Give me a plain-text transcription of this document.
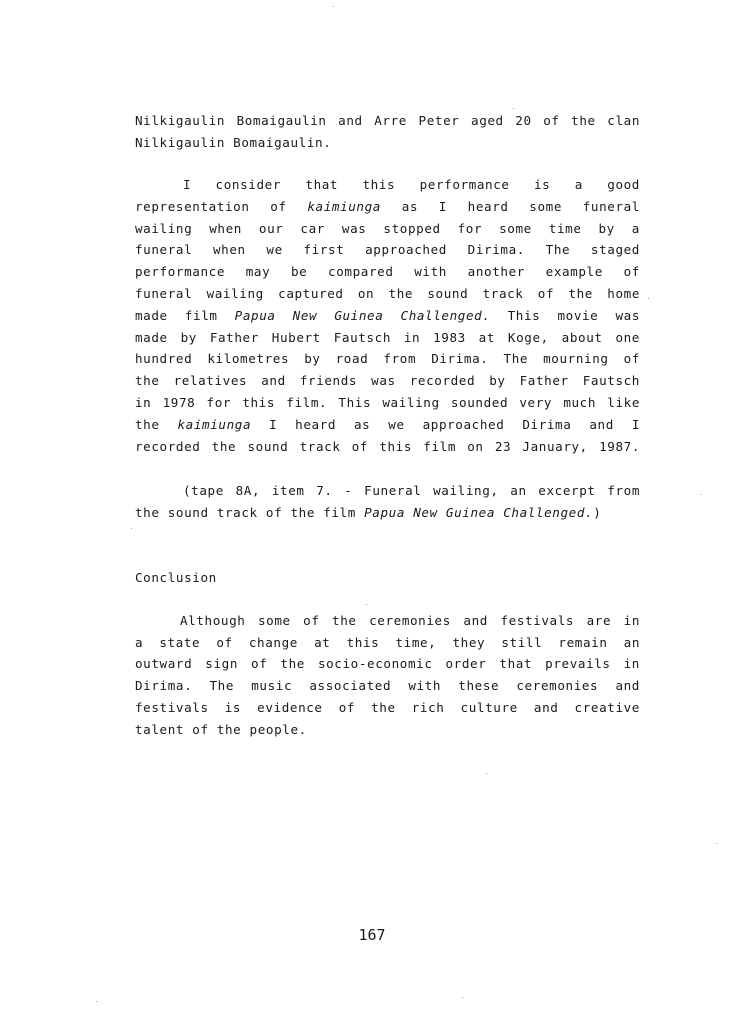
Nilkigaulin Bomaigaulin and Arre Peter aged 20 of the clan
Nilkigaulin Bomaigaulin.
I consider that this performance is a good
representation of kaimiunga as I heard some funeral
wailing when our car was stopped for some time by a
funeral when we first approached Dirima. The staged
performance may be compared with another example of
funeral wailing captured on the sound track of the home
made film Papua New Guinea Challenged. This movie was
made by Father Hubert Fautsch in 1983 at Koge, about one
hundred kilometres by road from Dirima. The mourning of
the relatives and friends was recorded by Father Fautsch
in 1978 for this film. This wailing sounded very much like
the kaimiunga I heard as we approached Dirima and I
recorded the sound track of this film on 23 January, 1987.
(tape 8A, item 7. - Funeral wailing, an excerpt from
the sound track of the film Papua New Guinea Challenged.)
Conclusion
Although some of the ceremonies and festivals are in
a state of change at this time, they still remain an
outward sign of the socio-economic order that prevails in
Dirima. The music associated with these ceremonies and
festivals is evidence of the rich culture and creative
talent of the people.
167
